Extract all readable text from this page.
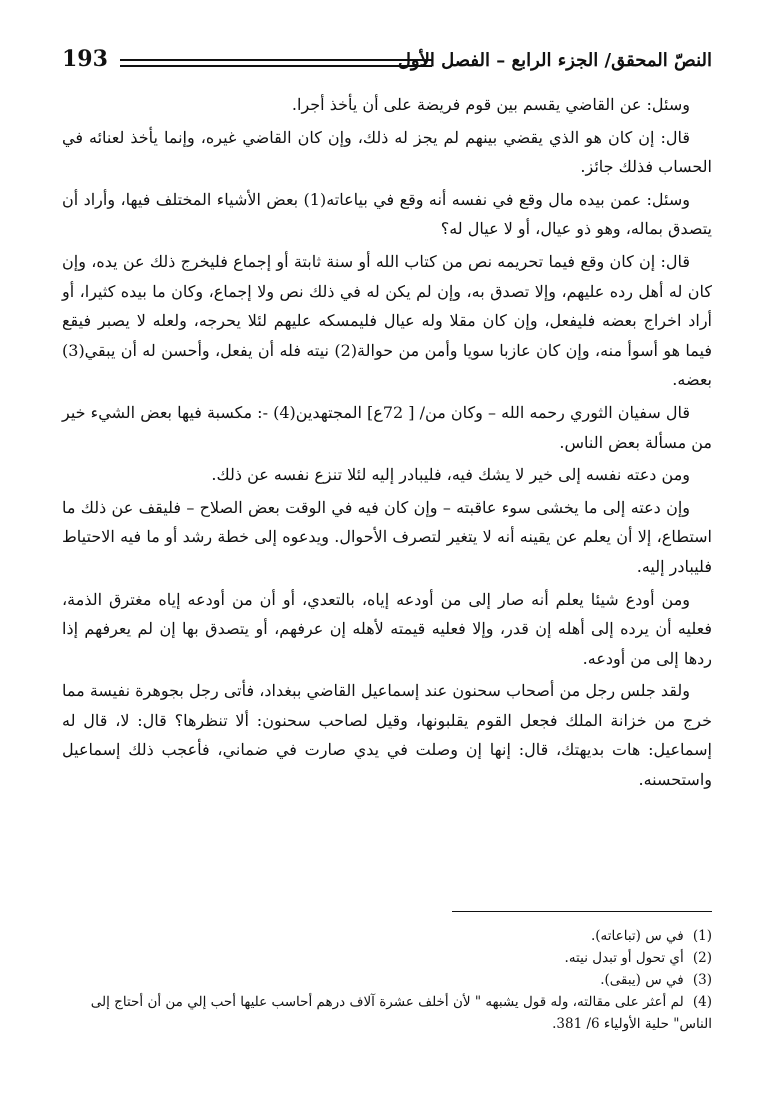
النصّ المحقق/ الجزء الرابع – الفصل الأول
193

وسئل: عن القاضي يقسم بين قوم فريضة على أن يأخذ أجرا.

قال: إن كان هو الذي يقضي بينهم لم يجز له ذلك، وإن كان القاضي غيره، وإنما يأخذ لعنائه في الحساب فذلك جائز.

وسئل: عمن بيده مال وقع في نفسه أنه وقع في بياعاته(1) بعض الأشياء المختلف فيها، وأراد أن يتصدق بماله، وهو ذو عيال، أو لا عيال له؟

قال: إن كان وقع فيما تحريمه نص من كتاب الله أو سنة ثابتة أو إجماع فليخرج ذلك عن يده، وإن كان له أهل رده عليهم، وإلا تصدق به، وإن لم يكن له في ذلك نص ولا إجماع، وكان ما بيده كثيرا، أو أراد اخراج بعضه فليفعل، وإن كان مقلا وله عيال فليمسكه عليهم لئلا يحرجه، ولعله لا يصبر فيقع فيما هو أسوأ منه، وإن كان عازبا سويا وأمن من حوالة(2) نيته فله أن يفعل، وأحسن له أن يبقي(3) بعضه.

قال سفيان الثوري رحمه الله – وكان من/ [ 72ع] المجتهدين(4) -: مكسبة فيها بعض الشيء خير من مسألة بعض الناس.

ومن دعته نفسه إلى خير لا يشك فيه، فليبادر إليه لئلا تنزع نفسه عن ذلك.

وإن دعته إلى ما يخشى سوء عاقبته – وإن كان فيه في الوقت بعض الصلاح – فليقف عن ذلك ما استطاع، إلا أن يعلم عن يقينه أنه لا يتغير لتصرف الأحوال. ويدعوه إلى خطة رشد أو ما فيه الاحتياط فليبادر إليه.

ومن أودع شيئا يعلم أنه صار إلى من أودعه إياه، بالتعدي، أو أن من أودعه إياه مغترق الذمة، فعليه أن يرده إلى أهله إن قدر، وإلا فعليه قيمته لأهله إن عرفهم، أو يتصدق بها إن لم يعرفهم إذا ردها إلى من أودعه.

ولقد جلس رجل من أصحاب سحنون عند إسماعيل القاضي ببغداد، فأتى رجل بجوهرة نفيسة مما خرج من خزانة الملك فجعل القوم يقلبونها، وقيل لصاحب سحنون: ألا تنظرها؟ قال: لا، قال له إسماعيل: هات بديهتك، قال: إنها إن وصلت في يدي صارت في ضماني، فأعجب ذلك إسماعيل واستحسنه.

(1) في س (تباعاته).
(2) أي تحول أو تبدل نيته.
(3) في س (يبقى).
(4) لم أعثر على مقالته، وله قول يشبهه " لأن أخلف عشرة آلاف درهم أحاسب عليها أحب إلي من أن أحتاج إلى الناس" حلية الأولياء 6/ 381.
